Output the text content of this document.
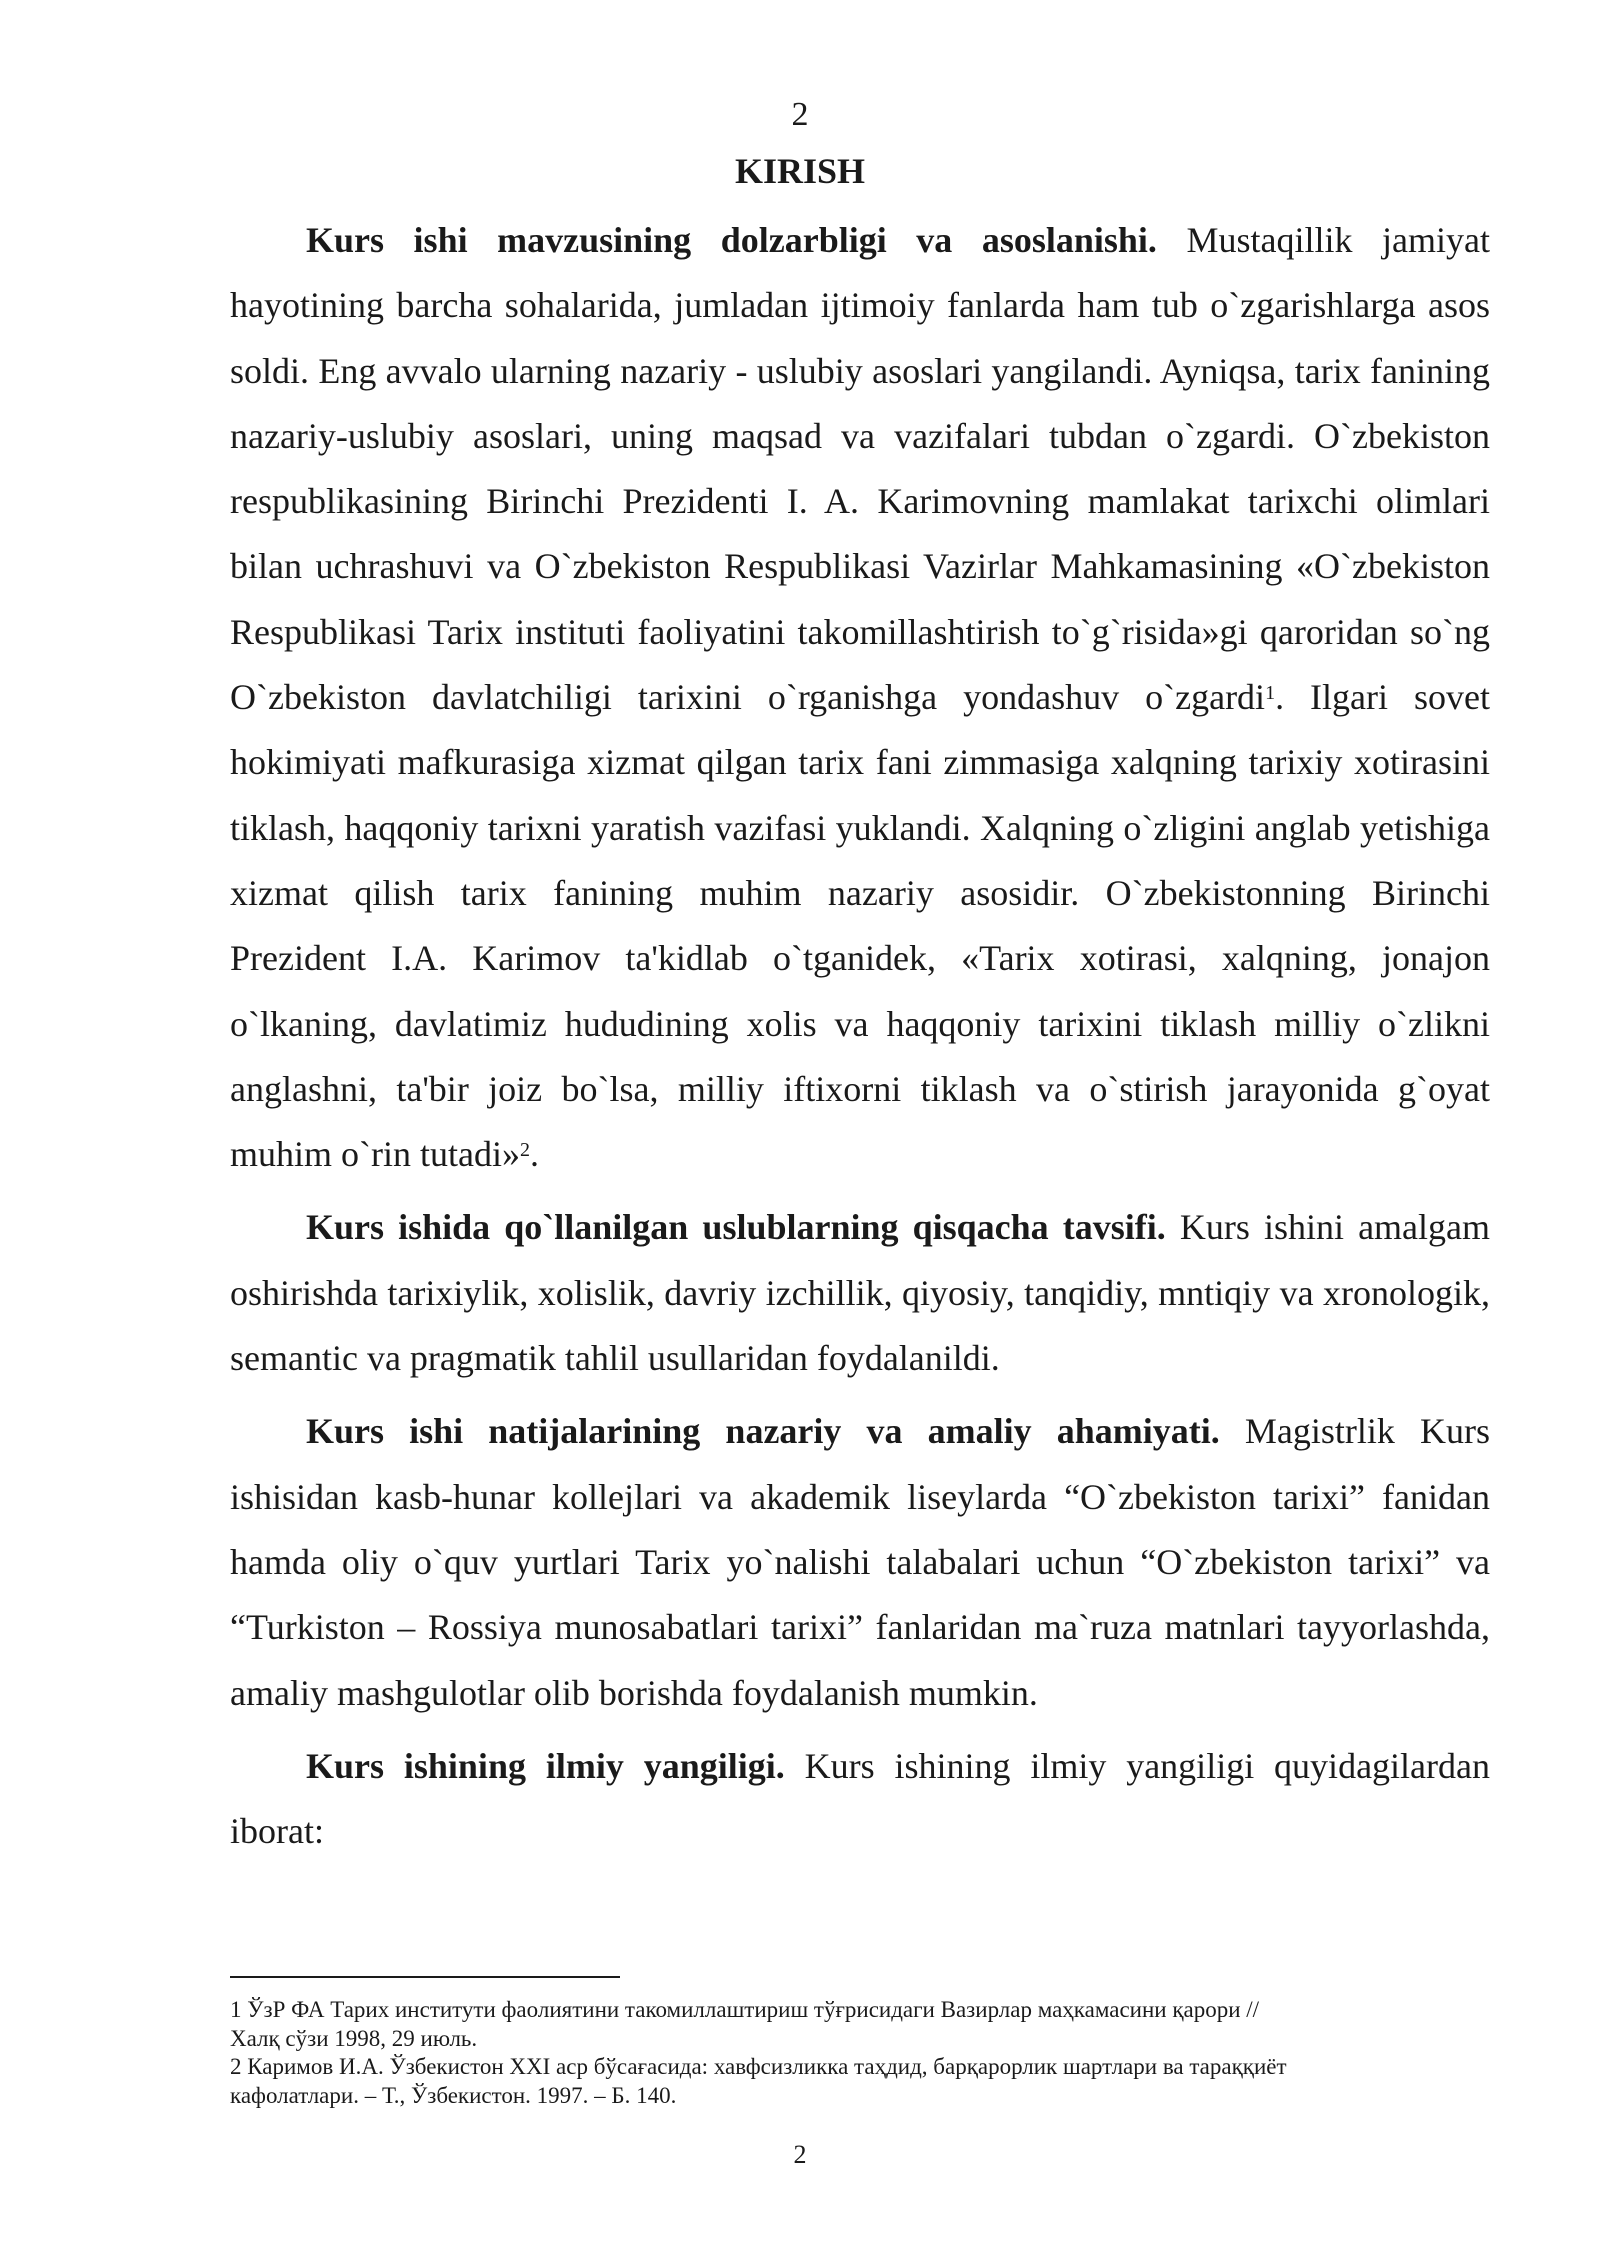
2
KIRISH

Kurs ishi mavzusining dolzarbligi va asoslanishi. Mustaqillik jamiyat hayotining barcha sohalarida, jumladan ijtimoiy fanlarda ham tub o`zgarishlarga asos soldi. Eng avvalo ularning nazariy - uslubiy asoslari yangilandi. Ayniqsa, tarix fanining nazariy-uslubiy asoslari, uning maqsad va vazifalari tubdan o`zgardi. O`zbekiston respublikasining Birinchi Prezidenti I. A. Karimovning mamlakat tarixchi olimlari bilan uchrashuvi va O`zbekiston Respublikasi Vazirlar Mahkamasining «O`zbekiston Respublikasi Tarix instituti faoliyatini takomillashtirish to`g`risida»gi qaroridan so`ng O`zbekiston davlatchiligi tarixini o`rganishga yondashuv o`zgardi$^1$. Ilgari sovet hokimiyati mafkurasiga xizmat qilgan tarix fani zimmasiga xalqning tarixiy xotirasini tiklash, haqqoniy tarixni yaratish vazifasi yuklandi. Xalqning o`zligini anglab yetishiga xizmat qilish tarix fanining muhim nazariy asosidir. O`zbekistonning Birinchi Prezident I.A. Karimov ta'kidlab o`tganidek, «Tarix xotirasi, xalqning, jonajon o`lkaning, davlatimiz hududining xolis va haqqoniy tarixini tiklash milliy o`zlikni anglashni, ta'bir joiz bo`lsa, milliy iftixorni tiklash va o`stirish jarayonida g`oyat muhim o`rin tutadi»$^2$.

Kurs ishida qo`llanilgan uslublarning qisqacha tavsifi. Kurs ishini amalgam oshirishda tarixiylik, xolislik, davriy izchillik, qiyosiy, tanqidiy, mntiqiy va xronologik, semantic va pragmatik tahlil usullaridan foydalanildi.

Kurs ishi natijalarining nazariy va amaliy ahamiyati. Magistrlik Kurs ishisidan kasb-hunar kollejlari va akademik liseylarda “O`zbekiston tarixi” fanidan hamda oliy o`quv yurtlari Tarix yo`nalishi talabalari uchun “O`zbekiston tarixi” va “Turkiston – Rossiya munosabatlari tarixi” fanlaridan ma`ruza matnlari tayyorlashda, amaliy mashgulotlar olib borishda foydalanish mumkin.

Kurs ishining ilmiy yangiligi. Kurs ishining ilmiy yangiligi quyidagilardan iborat:

1 ЎзР ФА Тарих институти фаолиятини такомиллаштириш тўғрисидаги Вазирлар маҳкамасини қарори //
Халқ сўзи 1998, 29 июль.

2 Каримов И.А. Ўзбекистон XXI аср бўсағасида: хавфсизликка таҳдид, барқарорлик шартлари ва тараққиёт
кафолатлари. – Т., Ўзбекистон. 1997. – Б. 140.

2
